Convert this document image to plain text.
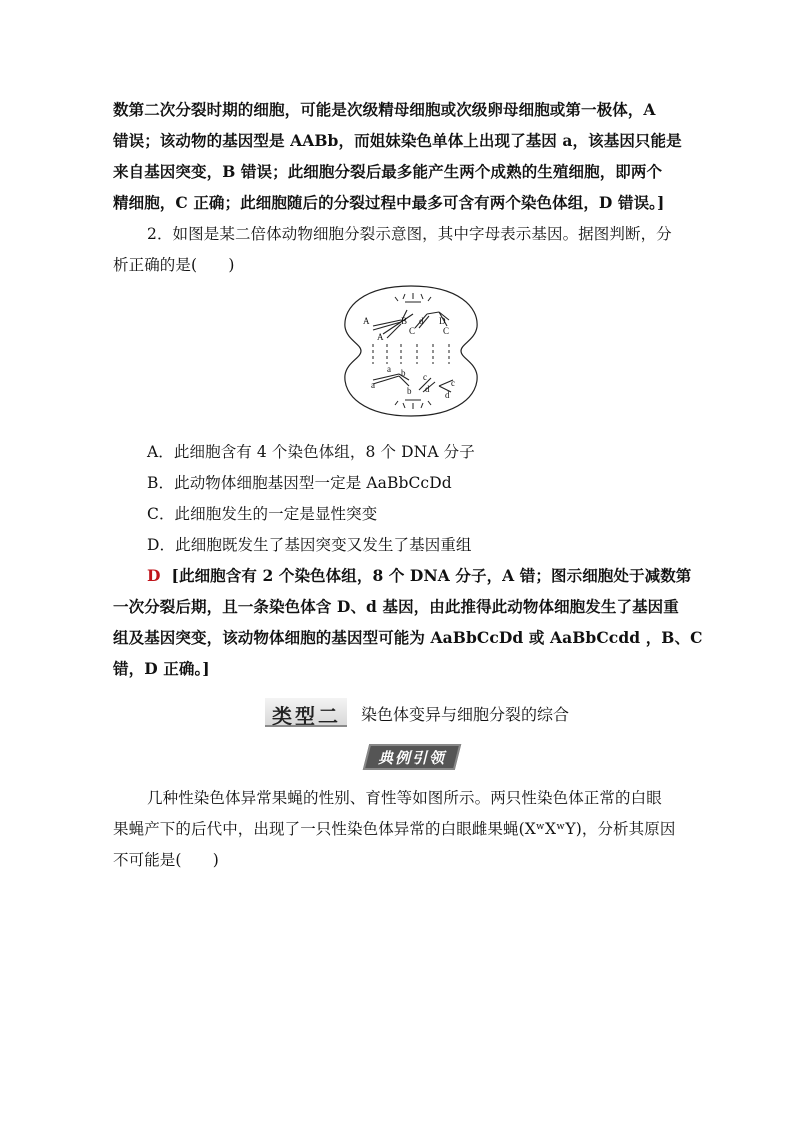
数第二次分裂时期的细胞，可能是次级精母细胞或次级卵母细胞或第一极体，A
错误；该动物的基因型是 AABb，而姐妹染色单体上出现了基因 a，该基因只能是
来自基因突变，B 错误；此细胞分裂后最多能产生两个成熟的生殖细胞，即两个
精细胞，C 正确；此细胞随后的分裂过程中最多可含有两个染色体组，D 错误。]
2．如图是某二倍体动物细胞分裂示意图，其中字母表示基因。据图判断，分
析正确的是(　　)
A	B d D
A
C	C
a
a b
b
c
d
c
d
A．此细胞含有 4 个染色体组，8 个 DNA 分子
B．此动物体细胞基因型一定是 AaBbCcDd
C．此细胞发生的一定是显性突变
D．此细胞既发生了基因突变又发生了基因重组
D [此细胞含有 2 个染色体组，8 个 DNA 分子，A 错；图示细胞处于减数第
一次分裂后期，且一条染色体含 D、d 基因，由此推得此动物体细胞发生了基因重
组及基因突变，该动物体细胞的基因型可能为 AaBbCcDd 或 AaBbCcdd ，B、C
错，D 正确。]
类型二 染色体变异与细胞分裂的综合
典例引领
几种性染色体异常果蝇的性别、育性等如图所示。两只性染色体正常的白眼
果蝇产下的后代中，出现了一只性染色体异常的白眼雌果蝇(XʷXʷY)，分析其原因
不可能是(　　)
